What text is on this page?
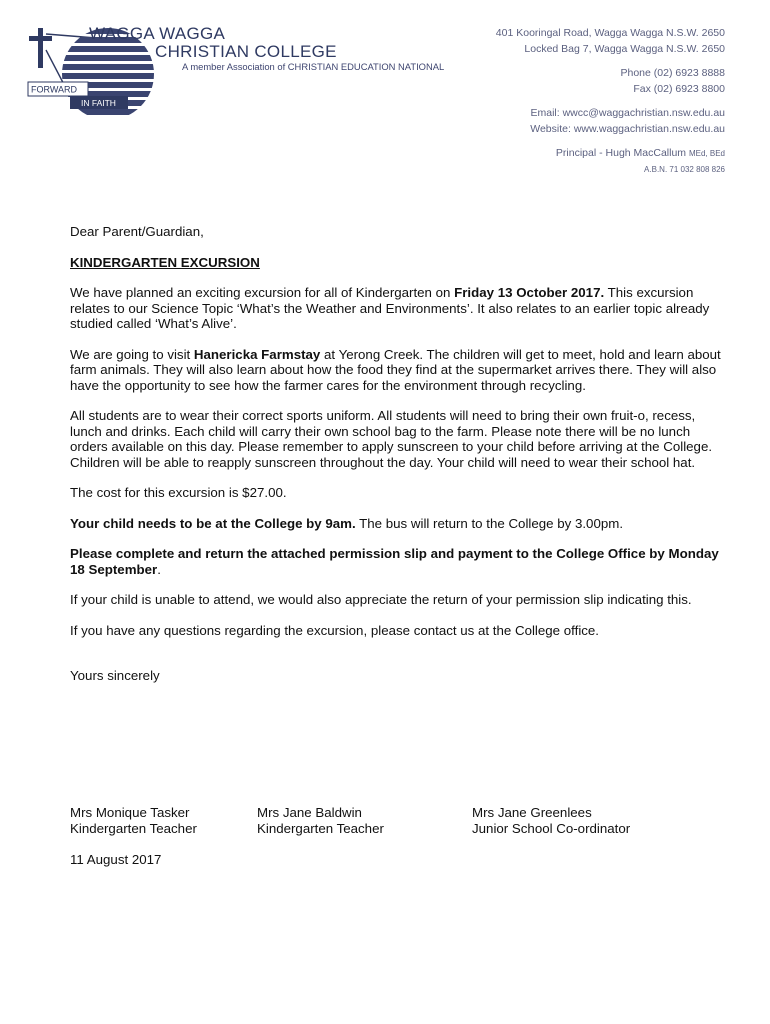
FORWARD
IN FAITH
WAGGA WAGGA
CHRISTIAN COLLEGE
A member Association of CHRISTIAN EDUCATION NATIONAL
401 Kooringal Road, Wagga Wagga N.S.W. 2650
Locked Bag 7, Wagga Wagga N.S.W. 2650
Phone (02) 6923 8888
Fax (02) 6923 8800
Email: wwcc@waggachristian.nsw.edu.au
Website: www.waggachristian.nsw.edu.au
Principal - Hugh MacCallum MEd, BEd
A.B.N. 71 032 808 826

Dear Parent/Guardian,

KINDERGARTEN EXCURSION

We have planned an exciting excursion for all of Kindergarten on Friday 13 October 2017. This excursion relates to our Science Topic ‘What’s the Weather and Environments’. It also relates to an earlier topic already studied called ‘What’s Alive’.

We are going to visit Hanericka Farmstay at Yerong Creek. The children will get to meet, hold and learn about farm animals. They will also learn about how the food they find at the supermarket arrives there. They will also have the opportunity to see how the farmer cares for the environment through recycling.

All students are to wear their correct sports uniform. All students will need to bring their own fruit-o, recess, lunch and drinks. Each child will carry their own school bag to the farm. Please note there will be no lunch orders available on this day. Please remember to apply sunscreen to your child before arriving at the College. Children will be able to reapply sunscreen throughout the day. Your child will need to wear their school hat.

The cost for this excursion is $27.00.

Your child needs to be at the College by 9am. The bus will return to the College by 3.00pm.

Please complete and return the attached permission slip and payment to the College Office by Monday 18 September.

If your child is unable to attend, we would also appreciate the return of your permission slip indicating this.

If you have any questions regarding the excursion, please contact us at the College office.

Yours sincerely

Mrs Monique Tasker
Kindergarten Teacher
Mrs Jane Baldwin
Kindergarten Teacher
Mrs Jane Greenlees
Junior School Co-ordinator
11 August 2017
